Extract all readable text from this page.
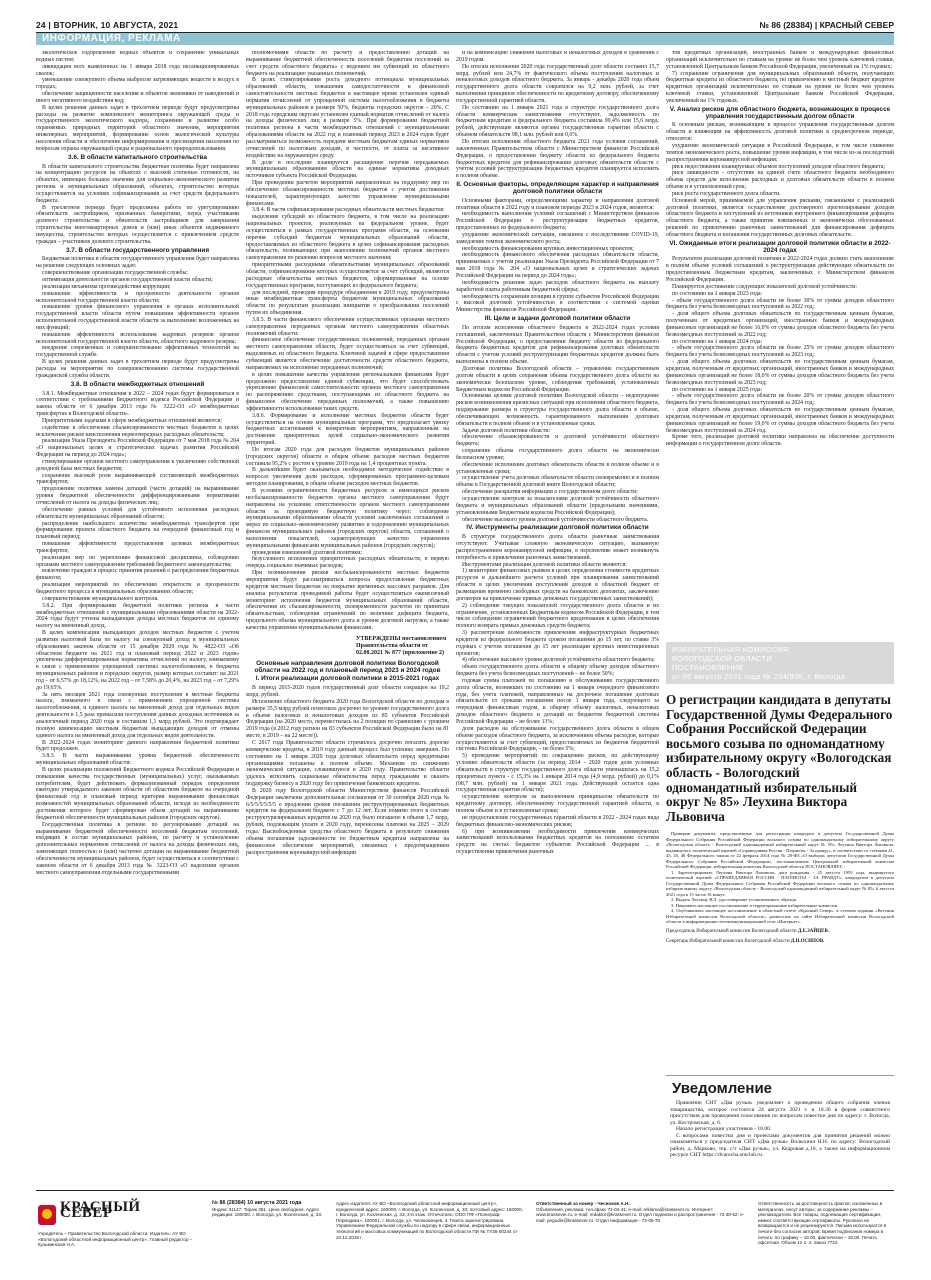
24 | ВТОРНИК, 10 АВГУСТА, 2021	№ 86 (28384) | КРАСНЫЙ СЕВЕР
ИНФОРМАЦИЯ, РЕКЛАМА

экологическое оздоровление водных объектов и сохранение уникальных водных систем;

ликвидация всех выявленных на 1 января 2018 года несанкционированных свалок;

уменьшение совокупного объема выбросов загрязняющих веществ в воздух в городах;

обеспечение защищенности населения и объектов экономики от наводнений и иного негативного воздействия вод;

В целях решения данных задач в трехлетнем периоде будут предусмотрены расходы на развитие комплексного мониторинга окружающей среды и государственного экологического надзора, сохранение и развитие особо охраняемых природных территорий областного значения, мероприятия инженерных мероприятий, формирование основ экологической культуры населения области и обеспечение информирования и просвещения населения по вопросам охраны окружающей среды и рационального природопользования.

3.6. В области капитального строительства

В области капитального строительства бюджетная политика будет направлена на концентрацию ресурсов на объектах с высокой степенью готовности, на объектах, имеющих большое значение для социально-экономического развития региона и муниципальных образований, объектах, строительство которых осуществляется на условиях софинансирования за счет средств федерального бюджета.

В трехлетнем периоде будет продолжена работа по урегулированию обязательств застройщиков, признанных банкротами, перед участниками долевого строительства и обязательств застройщиков для завершения строительства многоквартирных домов и (или) иных объектов недвижимого имущества, строительство которых осуществляется с привлечением средств граждан – участников долевого строительства.

3.7. В области государственного управления

Бюджетная политика в области государственного управления будет направлена на решение следующих основных задач:

совершенствование организации государственной службы;

оптимизация деятельности органов государственной власти области;

реализация механизма противодействия коррупции;

повышение эффективности и прозрачности деятельности органов исполнительной государственной власти области;

повышение уровня финансового управления в органах исполнительной государственной власти области путем повышения эффективности органов исполнительной государственной власти области за выполнение возложенных на них функций;

повышение эффективности использования кадровых резервов органов исполнительной государственной власти области, областного кадрового резерва;

внедрение современных и совершенствование эффективных технологий на государственной службе.

В целях решения данных задач в трехлетнем периоде будут предусмотрены расходы на мероприятия по совершенствованию системы государственной гражданской службы области.

3.8. В области межбюджетных отношений

3.8.1. Межбюджетные отношения в 2022 – 2024 годах будут формироваться в соответствии с требованиями Бюджетного кодекса Российской Федерации и закона области от 6 декабря 2013 года № 3222-ОЗ «О межбюджетных трансфертах в Вологодской области».

Приоритетными задачами в сфере межбюджетных отношений являются:

содействие в обеспечении сбалансированности местных бюджетов в целях исключения рисков неисполнения первоочередных расходных обязательств;

реализация Указа Президента Российской Федерации от 7 мая 2018 года № 204 «О национальных целях и стратегических задачах развития Российской Федерации на период до 2024 года»;

стимулирование органов местного самоуправления к увеличению собственной доходной базы местных бюджетов;

сохранение высокой роли выравнивающей составляющей межбюджетных трансфертов;

продолжение политики замены дотаций (части дотаций) на выравнивание уровня бюджетной обеспеченности дифференцированными нормативами отчислений от налога на доходы физических лиц;

обеспечение равных условий для устойчивого исполнения расходных обязательств муниципальных образований области;

распределение наибольшего количества межбюджетных трансфертов при формировании проекта областного бюджета на очередной финансовый год и плановый период;

повышение эффективности предоставления целевых межбюджетных трансфертов;

реализация мер по укреплению финансовой дисциплины, соблюдению органами местного самоуправления требований бюджетного законодательства;

вовлечение граждан в процесс принятия решений о распределении бюджетных финансов;

реализация мероприятий по обеспечению открытости и прозрачности бюджетного процесса в муниципальных образованиях области;

совершенствование муниципального контроля.

3.8.2. При формировании бюджетной политики региона в части межбюджетных отношений с муниципальными образованиями области на 2022-2024 годы будут учтены выпадающие доходы местных бюджетов по единому налогу на вмененный доход.

В целях компенсации выпадающих доходов местных бюджетов с учетом развития налоговой базы по налогу на совокупный доход в муниципальных образованиях законом области от 15 декабря 2020 года № 4822-ОЗ «Об областном бюджете на 2021 год и плановый период 2022 и 2023 годов» увеличены дифференцированные нормативы отчислений по налогу, взимаемому в связи с применением упрощенной системы налогообложения, в бюджеты муниципальных районов и городских округов, размер которых составит: на 2021 год – от 6,57% до 18,12%, на 2022 год – от 7,58% до 20,4%, на 2023 год – от 7,29% до 19,65%.

За пять месяцев 2021 года совокупные поступления в местные бюджеты налога, взимаемого в связи с применением упрощенной системы налогообложения, и единого налога на вмененный доход для отдельных видов деятельности в 1,5 раза превысили поступления данных доходных источников за аналогичный период 2020 года и составили 1,1 млрд рублей. Это подтверждает полную компенсацию местным бюджетам выпадающих доходов от отмены единого налога на вмененный доход для отдельных видов деятельности.

В 2022-2024 годах мониторинг данного направления бюджетной политики будет продолжен.

3.8.3. В части выравнивания уровня бюджетной обеспеченности муниципальных образований области:

В целях реализации положений Бюджетного кодекса Российской Федерации и повышения качества государственных (муниципальных) услуг, оказываемых потребителям, будет действовать формализованный порядок определения ежегодно утверждаемого законом области об областном бюджете на очередной финансовый год и плановый период критерия выравнивания финансовых возможностей муниципальных образований области, исходя из необходимости достижения которого будет сформирован объем дотаций на выравнивание бюджетной обеспеченности муниципальных районов (городских округов).

Государственная политика в регионе по регулированию дотаций на выравнивание бюджетной обеспеченности поселений бюджетам поселений, входящих в состав муниципальных районов, по расчету и установлению дополнительных нормативов отчислений от налога на доходы физических лиц, заменяющих полностью и (или) частично дотации на выравнивание бюджетной обеспеченности муниципальных районов, будет осуществляться в соответствии с законом области от 6 декабря 2013 года № 3223-ОЗ «О наделении органов местного самоуправления отдельными государственными

полномочиями области по расчету и предоставлению дотаций на выравнивание бюджетной обеспеченности поселений бюджетам поселений за счет средств областного бюджета» с ведением им субвенций из областного бюджета на реализацию указанных полномочий.

В целях стимулирования роста доходного потенциала муниципальных образований области, повышения самодостаточности и финансовой самостоятельности местных бюджетов в настоящее время установлен единый норматив отчислений от упрощенной системы налогообложения в бюджеты муниципальных районов в размере 50%, бюджеты городских округов – 20%. С 2018 года городским округам установлен единый норматив отчислений от налога на доходы физических лиц в размере 5%. При формировании бюджетной политики региона в части межбюджетных отношений с муниципальными образованиями области на 2022 год и плановый период 2023 и 2024 годов будет рассматриваться возможность передачи местным бюджетам единых нормативов отчислений по налоговым доходам, в частности, от платы за негативное воздействие на окружающую среду.

В доле в последние планируется расширение перечня передаваемых муниципальным образованиям области на единые нормативы доходных источников субъекта Российской Федерации.

При проведении расчетов мероприятий направленных на поддержку мер по обеспечению сбалансированности местных бюджетов с учетом достижения показателей, характеризующих качество управления муниципальными финансами.

3.8.4. В части софинансирования расходных обязательств местных бюджетов:

выделение субсидий из областного бюджета, в том числе на реализацию национальных проектов, реализуемых на федеральном уровне, будет осуществляться в рамках государственных программ области, на основании перечня субсидий бюджетам муниципальных образований области, предоставляемых из областного бюджета в целях софинансирования расходных обязательств, возникающих при выполнении полномочий органов местного самоуправления по решению вопросов местного значения;

приоритетными расходными обязательствами муниципальных образований области, софинансирование которых осуществляется за счет субсидий, являются расходные обязательства местных бюджетов, сформированные на основе государственных программ, поступающих из федерального бюджета;

для последней, проводим процедуре объединения в 2019 году, предусмотрены иные межбюджетные трансферты бюджетам муниципальных образований области по результатам реализации инициатив о преобразовании поселений путем их объединения.

3.8.5. В части финансового обеспечения осуществляемых органами местного самоуправления переданных органам местного самоуправления областных полномочий области:

финансовое обеспечение государственных полномочий, переданных органам местного самоуправления области, будет осуществляться за счет субвенций, выделяемых из областного бюджета. Ключевой задачей в сфере предоставления субвенций является обеспечение достаточности средств областного бюджета, направляемых на исполнение переданных полномочий;

в целях повышения качества управления региональными финансами будет продолжено предоставление единой субвенции, что будет способствовать укреплению финансовой самостоятельности органов местного самоуправления по распоряжению средствами, поступающими из областного бюджета на финансовое обеспечение переданных полномочий, а также повышению эффективности использования таких средств.

3.8.6. Формирование и исполнение местных бюджетов области будет осуществляться на основе муниципальных программ, что предполагает увязку бюджетных ассигнований к конкретным мероприятиям, направленным на достижение приоритетных целей социально-экономического развития территорий.

По итогам 2020 года для расходов бюджетов муниципальных районов (городских округов) области в общем объеме расходов местных бюджетов составила 95,2% с ростом к уровню 2019 года на 1,4 процентных пункта.

В дальнейшем будет оказываться необходимое методическое содействие в вопросах увеличения доли расходов, сформированных программно-целевым методом планирования, в общем объеме расходов местных бюджетов.

В условиях ограниченности бюджетных ресурсов и имеющихся рисков несбалансированности бюджетов органы местного самоуправления будут направлены на усиление ответственности органов местного самоуправления области за проводимую бюджетную политику через: соблюдение муниципальными образованиями области условий заключенных соглашений о мерах по социально-экономическому развитию и оздоровлению муниципальных финансов муниципальных районов (городских округов) области, соглашений о выполнении показателей, характеризующих качество управления муниципальными финансами муниципальных районов (городских округов);

проведения взвешенной долговой политики;

безусловного исполнения приоритетных расходных обязательств, в первую очередь социально значимых расходов;

При возникновении рисков несбалансированности местных бюджетов мероприятия будут рассматриваться вопросы предоставления бюджетных кредитов местным бюджетам на покрытие временных кассовых разрывов. Для анализа результатов проводимой работы будет осуществляться ежемесячный мониторинг исполнения бюджетов муниципальных образований области, обеспечения их сбалансированности, своевременности расчетов по принятым обязательствам, соблюдения ограничений по величине дефицита бюджета, предельного объема муниципального долга и уровня долговой нагрузки, а также качества управления муниципальными финансами.

УТВЕРЖДЕНЫ постановлением Правительства области от 02.08.2021 № 877 (приложение 2)
Основные направления долговой политики Вологодской области на 2022 год и плановый период 2023 и 2024 годов
I. Итоги реализации долговой политики в 2015-2021 годах

В период 2015-2020 годов государственный долг области сокращен на 19,2 млрд. рублей.

Исполнение областного бюджета 2020 года Вологодской области по доходам в размере 35,5 млрд рублей позволило досрочно по уровню государственного долга в объеме налоговых и неналоговых доходов из 85 субъектов Российской Федерации (на 2020 место, переместилась на 2 позиции по сравнению с уровнем 2019 года (в 2012 году регион на 83 субъектов Российской Федерации было на 81 месте, в 2019 – на 22 месте)).

С 2017 года Правительство области стремилось досрочно погасить дорогие коммерческие кредиты, в 2019 году данный процесс был успешно завершен. По состоянию на 1 января 2020 года долговых обязательств перед кредитными организациями погашены в полном объеме. Механизм по снижению экономической ситуации, сложившуюся в 2020 году. Правительство области удалось исполнить социальные обязательства перед гражданами и оказать поддержку бизнесу в 2020 году без привлечения банковских кредитов.

В 2020 году Вологодской области Министерством финансов Российской Федерации заключены дополнительные соглашения от 30 сентября 2020 года № 6/5/5/5/5/5/5 о продлении сроков погашения реструктурированных бюджетных кредитов на федеральном бюджете с 7 до 12 лет. Если помимо этого в составе реструктуризированных кредитов на 2020 год было погашено в объеме 1,7 млрд. рублей, подлежащим уплате в 2020 году, перенесены платежи на 2025 – 2029 годы. Высвобожденные средства областного бюджета в результате снижения объема погашения задолженности по бюджетным кредитам направлены на финансовое обеспечение мероприятий, связанных с предотвращением распространения коронавирусной инфекции

и на компенсацию снижения налоговых и неналоговых доходов в сравнении с 2019 годом.

По итогам исполнения 2020 года государственный долг области составил 15,7 млрд. рублей или 24,7% от фактического объема поступления налоговых и неналоговых доходов областного бюджета. За январь - декабрь 2020 года объем государственного долга области сократился на 9,2 млн. рублей, за счет выполнения принципов обеспеченности по кредитному договору, обеспеченному государственной гарантией области.

По состоянию на 1 января 2021 года в структуре государственного долга области коммерческие заимствования отсутствуют, задолженность по бюджетным кредитам и федерального бюджета составила 99,4% или 15,6 млрд. рублей, действующие являются органы государственные гарантии области с объемом обязательств 98,1 млн. рублей или 0,6%.

По итогам исполнения областного бюджета 2021 года условия соглашений, заключенных Правительством области с Министерством финансов Российской Федерации, о предоставлении бюджету области из федерального бюджета бюджетных кредитов для рефинансирования долговых обязательств области с учетом условий реструктуризации бюджетных кредитов планируется исполнить в полном объеме.

II. Основные факторы, определяющие характер и направления долговой политики области

Основными факторами, определяющими характер и направления долговой политики области в 2022 году и плановом периоде 2023 и 2024 годов, являются:

необходимость выполнения условий соглашений с Министерством финансов Российской Федерации о реструктуризации бюджетных кредитов, предоставленных из федерального бюджета;

ухудшение экономической ситуации, связанное с последствиями COVID-19, замедление темпов экономического роста;

необходимость финансирования крупных инвестиционных проектов;

необходимость финансового обеспечения расходных обязательств области, принимаемых с учетом реализации Указа Президента Российской Федерации от 7 мая 2018 года № 204 «О национальных целях и стратегических задачах Российской Федерации на период до 2024 года»;

необходимость решения задач расходов областного бюджета на выплату заработной платы работникам бюджетной сферы;

необходимость сохранения позиции в группе субъектов Российской Федерации с высокой долговой устойчивостью в соответствии с системой оценки Министерства финансов Российской Федерации.

III. Цели и задачи долговой политики области

По итогам исполнения областного бюджета в 2022-2024 годах условия соглашений, заключенных Правительством области с Министерством финансов Российской Федерации, о предоставлении бюджету области из федерального бюджета бюджетных кредитов для рефинансирования долговых обязательств области с учетом условий реструктуризации бюджетных кредитов должны быть выполнены в полном объеме.

Долговая политика Вологодской области – управление государственным долгом области в целях сохранения объема государственного долга области на экономически безопасном уровне, соблюдения требований, установленных Бюджетным кодексом Российской Федерации.

Основными целями долговой политики Вологодской области – недопущение рисков возникновения кризисных ситуаций при исполнении областного бюджета, поддержание размера и структуры государственного долга области в объеме, обеспечивающем возможность гарантированного выполнения долговых обязательств в полном объеме и в установленные сроки.

Задачи долговой политики области:

обеспечение сбалансированности и долговой устойчивости областного бюджета;

сохранение объема государственного долга области на экономически безопасном уровне;

обеспечение исполнения долговых обязательств области в полном объеме и в установленные сроки;

осуществление учета долговых обязательств области своевременно и в полном объеме в Государственной долговой книге Вологодской области;

обеспечение раскрытия информации о государственном долге области;

осуществление контроля за показателями долговой устойчивости областного бюджета и муниципальных образований области (предельными значениями, установленными Бюджетным кодексом Российской Федерации);

обеспечение высокого уровня долговой устойчивости областного бюджета.

IV. Инструменты реализации долговой политики области

В структуре государственного долга области рыночные заимствования отсутствуют. Учитывая сложную экономическую ситуацию, вызванную распространением коронавирусной инфекции, в перспективе может возникнуть потребность в привлечении рыночных заимствований.

Инструментами реализации долговой политики области являются:

1) мониторинг финансовых рынков в целях определения стоимости кредитных ресурсов и дальнейшего расчета условий при планировании заимствований области в целях увеличения поступлений доходов в областной бюджет от размещения временно свободных средств на банковских депозитах, заключению договоров на привлечение прямых денежных государственных заимствований);

2) соблюдение текущих показателей государственного долга области и их ограничение, установленных Бюджетным кодексом Российской Федерации, в том числе соблюдение ограничений бюджетного кредитования в целях обеспечения полного возврата прямых денежных средств бюджета;

3) рассмотрение возможности привлечения инфраструктурных бюджетных кредитов из федерального бюджета сроком погашения до 15 лет, по ставке 3% годовых с учетом погашения до 15 лет реализации крупных инвестиционных проектов;

4) обеспечение высокого уровня долговой устойчивости областного бюджета;

объем государственного долга области к общему объему доходов областного бюджета без учета безвозмездных поступлений – не более 50%;

годовая сумма платежей по погашению и обслуживанию государственного долга области, возникших по состоянию на 1 января очередного финансового года, без учета платежей, направленных на досрочное погашение долговых обязательств со сроками погашения после 1 января года, следующего за очередным финансовым годом, к общему объему налоговых, неналоговых доходов областного бюджета и дотаций из бюджетов бюджетной системы Российской Федерации – не более 13%;

доля расходов на обслуживание государственного долга области в общем объеме расходов областного бюджета, за исключением объема расходов, которые осуществляются за счет субвенций, предоставляемых из бюджетов бюджетной системы Российской Федерации, – не более 5%;

5) проведение мероприятий по сокращению рисков, по действующему условию обязательств области (за период 2014 - 2020 годов доля условных обязательств в структуре государственного долга области уменьшилась на 15,2 процентных пункта - с 15,3% на 1 января 2014 года (4,9 млрд. рублей) до 0,1% (98,7 млн. рублей) на 1 января 2021 года. Действующей остается одна государственная гарантия области);

осуществление контроля за выполнением принципалом обязательств по кредитному договору, обеспеченному государственной гарантией области, в полном объеме и в установленные сроки;

не предоставление государственных гарантий области в 2022 - 2024 годах вида бюджетных финансово-экономических рисков;

6) при возникновении необходимости привлечения коммерческих заимствований использования бюджетных кредитов на пополнение остатков средств на счетах бюджетов субъектов Российской Федерации ... в осуществлении привлечения рыночных

тов кредитных организаций, иностранных банков и международных финансовых организаций исключительно по ставкам на уровне не более чем уровень ключевой ставки, установленной Центральным банком Российской Федерации, увеличенный на 1% годовых;

7) сохранение ограничения для муниципальных образований области, получающих бюджетные кредиты из областного бюджета, по привлечению в местный бюджет кредитов кредитных организаций исключительно по ставкам на уровне не более чем уровень ключевой ставки, установленной Центральным банком Российской Федерации, увеличенный на 1% годовых.

V. Анализ рисков для областного бюджета, возникающих в процессе управления государственным долгом области

К основным рискам, возникающим в процессе управления государственным долгом области и влияющим на эффективность долговой политики в среднесрочном периоде, относятся:

ухудшение экономической ситуации в Российской Федерации, в том числе снижение темпов экономического роста, повышение уровня инфляции, в том числе из-за последствий распространения коронавирусной инфекции;

риск недостижения планируемых объемов поступлений доходов областного бюджета;

риск ликвидности - отсутствие на единой счете областного бюджета необходимого объема средств для исполнения расходных и долговых обязательств области в полном объеме и в установленный срок;

риск роста государственного долга области.

Основной мерой, принимаемой для управления рисками, связанными с реализацией долговой политики, является осуществление достоверного прогнозирования доходов областного бюджета и поступлений из источников внутреннего финансирования дефицита областного бюджета, а также принятие взвешенных и экономически обоснованных решений по привлечению рыночных заимствований для финансирования дефицита областного бюджета и погашения государственных долговых обязательств.

VI. Ожидаемые итоги реализации долговой политики области в 2022-2024 годах

Результатом реализации долговой политики в 2022-2024 годах должно стать выполнение в полном объеме условий соглашений о реструктуризации действующих обязательств по предоставленным бюджетным кредитам, заключенных с Министерством финансов Российской Федерации.

Планируется достижение следующих показателей долговой устойчивости:

по состоянию на 1 января 2023 года:

- объем государственного долга области не более 30% от суммы доходов областного бюджета без учета безвозмездных поступлений за 2022 год;

- доля общего объема долговых обязательств по государственным ценным бумагам, полученным от кредитных организаций, иностранных банков и международных финансовых организаций не более 16,0% от суммы доходов областного бюджета без учета безвозмездных поступлений за 2022 год;

по состоянию на 1 января 2024 года:

- объем государственного долга области не более 25% от суммы доходов областного бюджета без учета безвозмездных поступлений за 2023 год;

- доля общего объема долговых обязательств по государственным ценным бумагам, кредитам, полученным от кредитных организаций, иностранных банков и международных финансовых организаций не более 18,0% от суммы доходов областного бюджета без учета безвозмездных поступлений за 2023 год;

по состоянию на 1 января 2025 года:

- объем государственного долга области не более 20% от суммы доходов областного бюджета без учета безвозмездных поступлений за 2024 год;

- доля общего объема долговых обязательств по государственным ценным бумагам, кредитам, полученным от кредитных организаций, иностранных банков и международных финансовых организаций не более 19,0% от суммы доходов областного бюджета без учета безвозмездных поступлений за 2024 год.

Кроме того, реализация долговой политики направлена на обеспечение доступности информации о государственном долге области.

ИЗБИРАТЕЛЬНАЯ КОМИССИЯ
ВОЛОГОДСКОЙ ОБЛАСТИ
ПОСТАНОВЛЕНИЕ
от 06 августа 2021 года № 204/936, г. Вологда
О регистрации кандидата в депутаты Государственной Думы Федерального Собрания Российской Федерации восьмого созыва по одномандатному избирательному округу «Вологодская область - Вологодский одномандатный избирательный округ № 85» Леухина Виктора Львовича

Проверив документы, представленные для регистрации кандидата в депутаты Государственной Думы Федерального Собрания Российской Федерации восьмого созыва по одномандатному избирательному округу «Вологодская область - Вологодский одномандатный избирательный округ № 85» Леухина Виктора Львовича, выдвинутого политической партией «Справедливая Россия - Патриоты - За правду», в соответствии со статьями 41, 43, 45, 48 Федерального закона от 22 февраля 2014 года № 20-ФЗ «О выборах депутатов Государственной Думы Федерального Собрания Российской Федерации», постановлением Центральной избирательной комиссии Российской Федерации, избирательная комиссия Вологодской области ПОСТАНОВЛЯЕТ:

1. Зарегистрировать Леухина Виктора Львовича, дата рождения - 25 августа 1959 года, выдвинутого политической партией «СПРАВЕДЛИВАЯ РОССИЯ - ПАТРИОТЫ - ЗА ПРАВДУ», кандидатом в депутаты Государственной Думы Федерального Собрания Российской Федерации восьмого созыва по одномандатному избирательному округу «Вологодская область - Вологодский одномандатный избирательный округ № 85» 6 августа 2021 года в 15 часов 16 минут.

2. Выдать Леухину В.Л. удостоверение установленного образца.

3. Направить настоящее постановление в территориальные избирательные комиссии.

4. Опубликовать настоящее постановление в областной газете «Красный Север», в сетевом издании «Вестник Избирательной комиссии Вологодской области», разместить на сайте Избирательной комиссии Вологодской области в информационно-телекоммуникационной сети «Интернет».

Председатель Избирательной комиссии Вологодской области Д.Е.ЗАЙЦЕВ.
Секретарь Избирательной комиссии Вологодской области Д.Н.ОСИПОВ.
Уведомление

Правление СНТ «Два ручья» уведомляет о проведении общего собрания членов товарищества, которое состоится 24 августа 2021 г. в 18.30 в форме совместного присутствия для проведения голосования по вопросам повестки дня по адресу: г. Вологда, ул. Костромская, д. 6.

Начало регистрации участников - 18.00.

С вопросами повестки дня и проектами документов для принятия решений можно ознакомиться у председателя СНТ «Два ручья» Волыхина Н.Н. по адресу: Вологодский район, д. Марково, тер. с/т «Два ручья», ул. Кедровая д.10, а также на информационном ресурсе СНТ https://dvarucha.sntclub.ru.

КРАСНЫЙ СЕВЕР
Учредитель – Правительство Вологодской области. Издатель: АУ ВО «Вологодский областной информационный центр». Главный редактор – Кузьминская Н.А.
№ 86 (28384) 10 августа 2021 года
Индекс 31147. Тираж 351. Цена свободная. Адрес редакции: 160000, г. Вологда, ул. Козленская, д. 33.
Адрес издателя: АУ ВО «Вологодский областной информационный центр», юридический адрес: 160000, г. Вологда, ул. Козленская, д. 33; почтовый адрес: 160000, г. Вологда, ул. Козленская, д. 33, 3-й этаж. Отпечатано: ООО ПФ «Полиграф-Периодика», 160001, г. Вологда, ул. Челюскинцев, 3. Газета зарегистрирована Управлением Федеральной службы по надзору в сфере связи, информационных технологий и массовых коммуникаций по Вологодской области ПИ № ТУ35-00244 от 22.12.2015 г.
Ответственный за номер - Чесноков А.Н.
Объявления, реклама: тел./факс 72-04-41; e-mail: reklama@krassever.ru. Интернет: www.krassever.ru. e-mail: redaktor@krassever.ru. Отдел подписки и распространения - 72-30-62; e-mail: pegodin@krassever.ru. Отдел информации - 72-05-70.
Ответственность за достоверность фактов, изложенных в материалах, несут авторы; за содержание рекламы – рекламодатели. Все товары, подлежащие сертификации, имеют соответствующие сертификаты. Рукописи не возвращаются и не рецензируются. Письма используются в печати без согласия авторов. Время подписания номера в печать: по графику – 18.00, фактически – 18.00. Печать офсетная. Объем 12 п. л. Заказ 7722.
